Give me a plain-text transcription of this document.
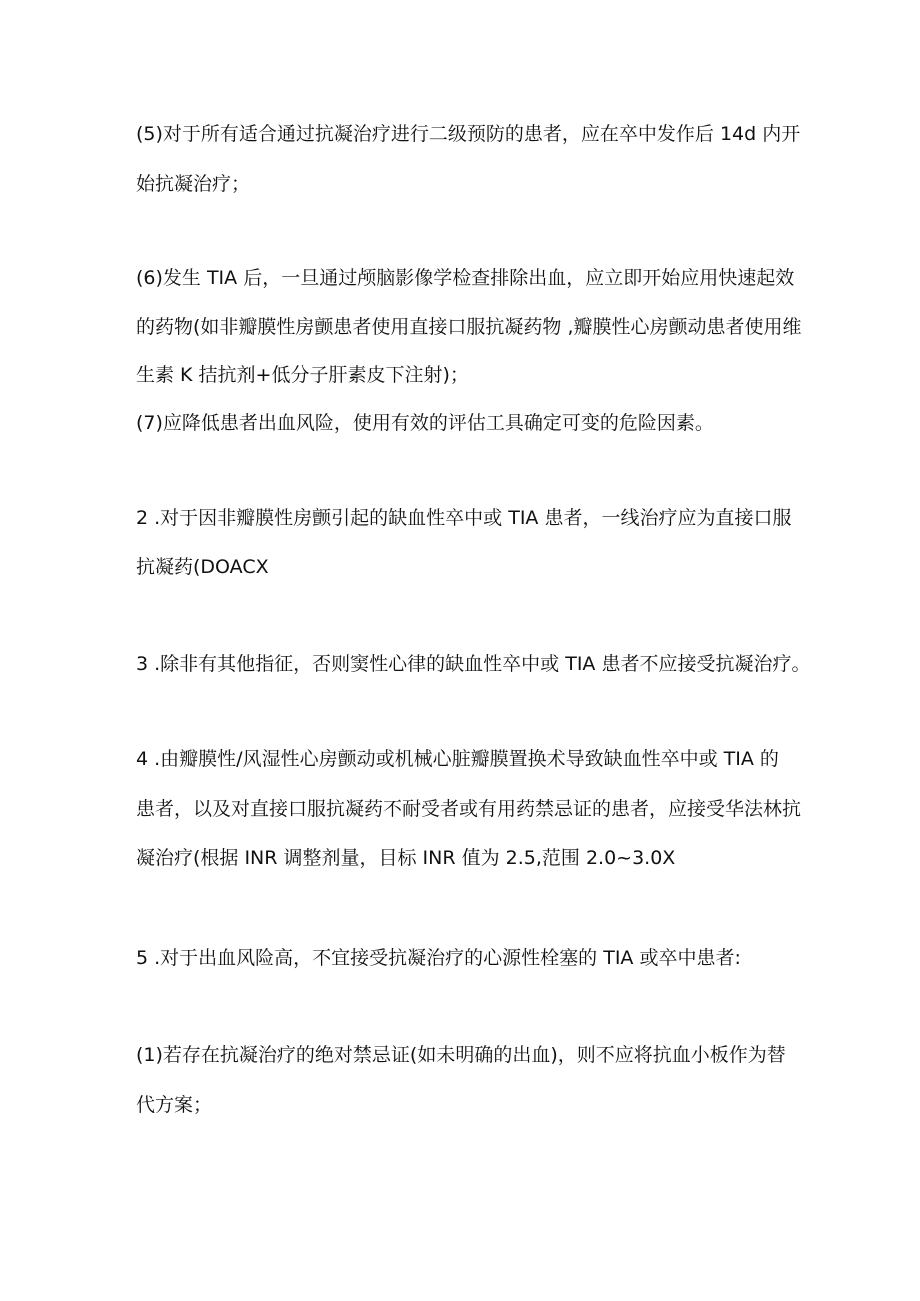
(5)对于所有适合通过抗凝治疗进行二级预防的患者，应在卒中发作后 14d 内开
始抗凝治疗；
(6)发生 TIA 后，一旦通过颅脑影像学检查排除出血，应立即开始应用快速起效
的药物(如非瓣膜性房颤患者使用直接口服抗凝药物 ,瓣膜性心房颤动患者使用维
生素 K 拮抗剂+低分子肝素皮下注射)；
(7)应降低患者出血风险，使用有效的评估工具确定可变的危险因素。
2 .对于因非瓣膜性房颤引起的缺血性卒中或 TIA 患者，一线治疗应为直接口服
抗凝药(DOACX
3 .除非有其他指征，否则窦性心律的缺血性卒中或 TIA 患者不应接受抗凝治疗。
4 .由瓣膜性/风湿性心房颤动或机械心脏瓣膜置换术导致缺血性卒中或 TIA 的
患者，以及对直接口服抗凝药不耐受者或有用药禁忌证的患者，应接受华法林抗
凝治疗(根据 INR 调整剂量，目标 INR 值为 2.5,范围 2.0~3.0X
5 .对于出血风险高，不宜接受抗凝治疗的心源性栓塞的 TIA 或卒中患者:
(1)若存在抗凝治疗的绝对禁忌证(如未明确的出血)，则不应将抗血小板作为替
代方案；
